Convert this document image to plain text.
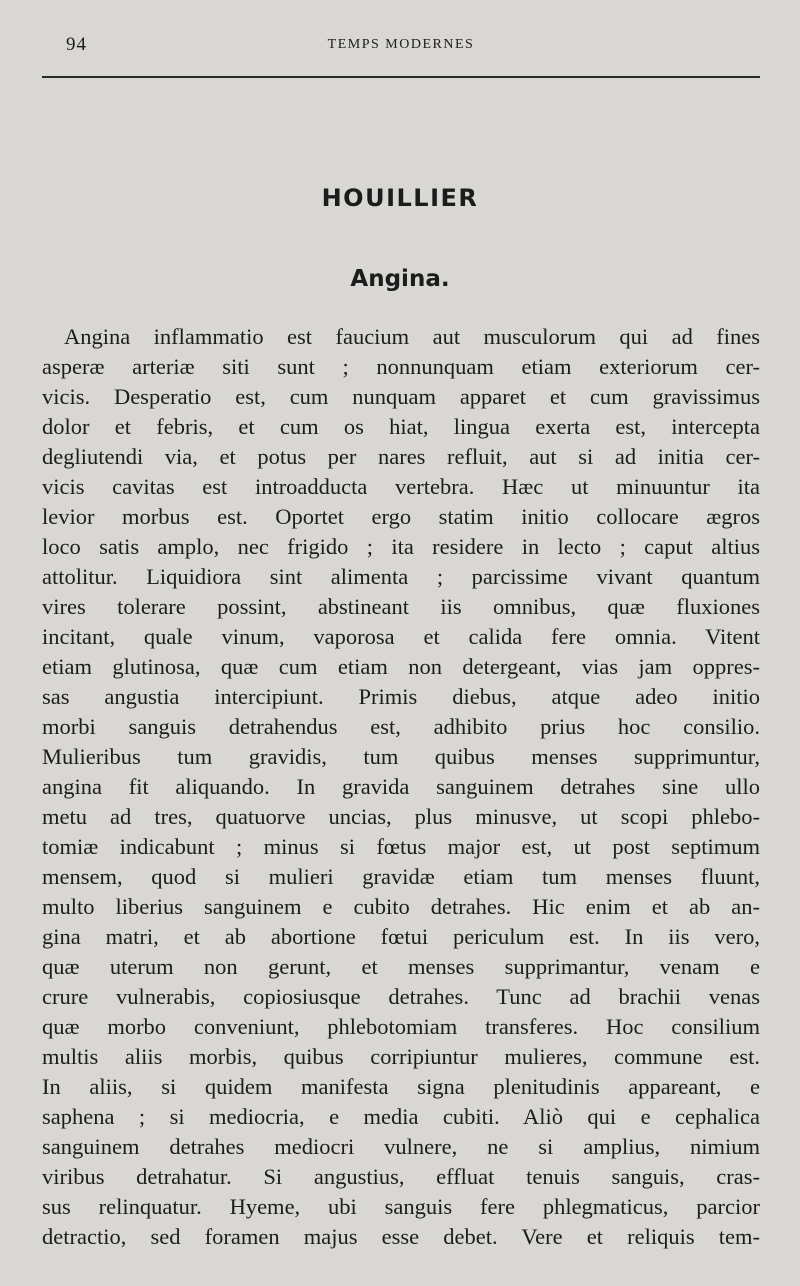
94	TEMPS MODERNES
HOUILLIER
Angina.
Angina inflammatio est faucium aut musculorum qui ad fines
asperæ arteriæ siti sunt ; nonnunquam etiam exteriorum cer-
vicis. Desperatio est, cum nunquam apparet et cum gravissimus
dolor et febris, et cum os hiat, lingua exerta est, intercepta
degliutendi via, et potus per nares refluit, aut si ad initia cer-
vicis cavitas est introadducta vertebra. Hæc ut minuuntur ita
levior morbus est. Oportet ergo statim initio collocare ægros
loco satis amplo, nec frigido ; ita residere in lecto ; caput altius
attolitur. Liquidiora sint alimenta ; parcissime vivant quantum
vires tolerare possint, abstineant iis omnibus, quæ fluxiones
incitant, quale vinum, vaporosa et calida fere omnia. Vitent
etiam glutinosa, quæ cum etiam non detergeant, vias jam oppres-
sas angustia intercipiunt. Primis diebus, atque adeo initio
morbi sanguis detrahendus est, adhibito prius hoc consilio.
Mulieribus tum gravidis, tum quibus menses supprimuntur,
angina fit aliquando. In gravida sanguinem detrahes sine ullo
metu ad tres, quatuorve uncias, plus minusve, ut scopi phlebo-
tomiæ indicabunt ; minus si fœtus major est, ut post septimum
mensem, quod si mulieri gravidæ etiam tum menses fluunt,
multo liberius sanguinem e cubito detrahes. Hic enim et ab an-
gina matri, et ab abortione fœtui periculum est. In iis vero,
quæ uterum non gerunt, et menses supprimantur, venam e
crure vulnerabis, copiosiusque detrahes. Tunc ad brachii venas
quæ morbo conveniunt, phlebotomiam transferes. Hoc consilium
multis aliis morbis, quibus corripiuntur mulieres, commune est.
In aliis, si quidem manifesta signa plenitudinis appareant, e
saphena ; si mediocria, e media cubiti. Aliò qui e cephalica
sanguinem detrahes mediocri vulnere, ne si amplius, nimium
viribus detrahatur. Si angustius, effluat tenuis sanguis, cras-
sus relinquatur. Hyeme, ubi sanguis fere phlegmaticus, parcior
detractio, sed foramen majus esse debet. Vere et reliquis tem-
